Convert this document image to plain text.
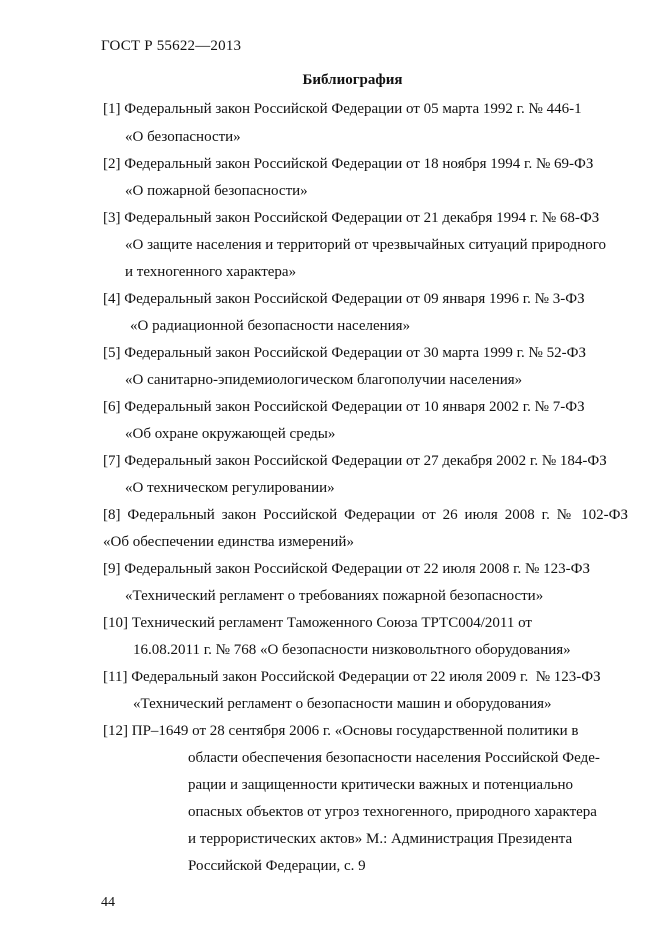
ГОСТ Р 55622—2013
Библиография
[1] Федеральный закон Российской Федерации от 05 марта 1992 г. № 446-1
«О безопасности»
[2] Федеральный закон Российской Федерации от 18 ноября 1994 г. № 69-ФЗ
«О пожарной безопасности»
[3] Федеральный закон Российской Федерации от 21 декабря 1994 г. № 68-ФЗ
«О защите населения и территорий от чрезвычайных ситуаций природного
и техногенного характера»
[4] Федеральный закон Российской Федерации от 09 января 1996 г. № 3-ФЗ
«О радиационной безопасности населения»
[5] Федеральный закон Российской Федерации от 30 марта 1999 г. № 52-ФЗ
«О санитарно-эпидемиологическом благополучии населения»
[6] Федеральный закон Российской Федерации от 10 января 2002 г. № 7-ФЗ
«Об охране окружающей среды»
[7] Федеральный закон Российской Федерации от 27 декабря 2002 г. № 184-ФЗ
«О техническом регулировании»
[8] Федеральный закон Российской Федерации от 26 июля 2008 г. № 102-ФЗ
«Об обеспечении единства измерений»
[9] Федеральный закон Российской Федерации от 22 июля 2008 г. № 123-ФЗ
«Технический регламент о требованиях пожарной безопасности»
[10] Технический регламент Таможенного Союза ТРТС004/2011 от
16.08.2011 г. № 768 «О безопасности низковольтного оборудования»
[11] Федеральный закон Российской Федерации от 22 июля 2009 г.  № 123-ФЗ
«Технический регламент о безопасности машин и оборудования»
[12] ПР–1649 от 28 сентября 2006 г. «Основы государственной политики в
области обеспечения безопасности населения Российской Феде-
рации и защищенности критически важных и потенциально
опасных объектов от угроз техногенного, природного характера
и террористических актов» М.: Администрация Президента
Российской Федерации, с. 9
44
